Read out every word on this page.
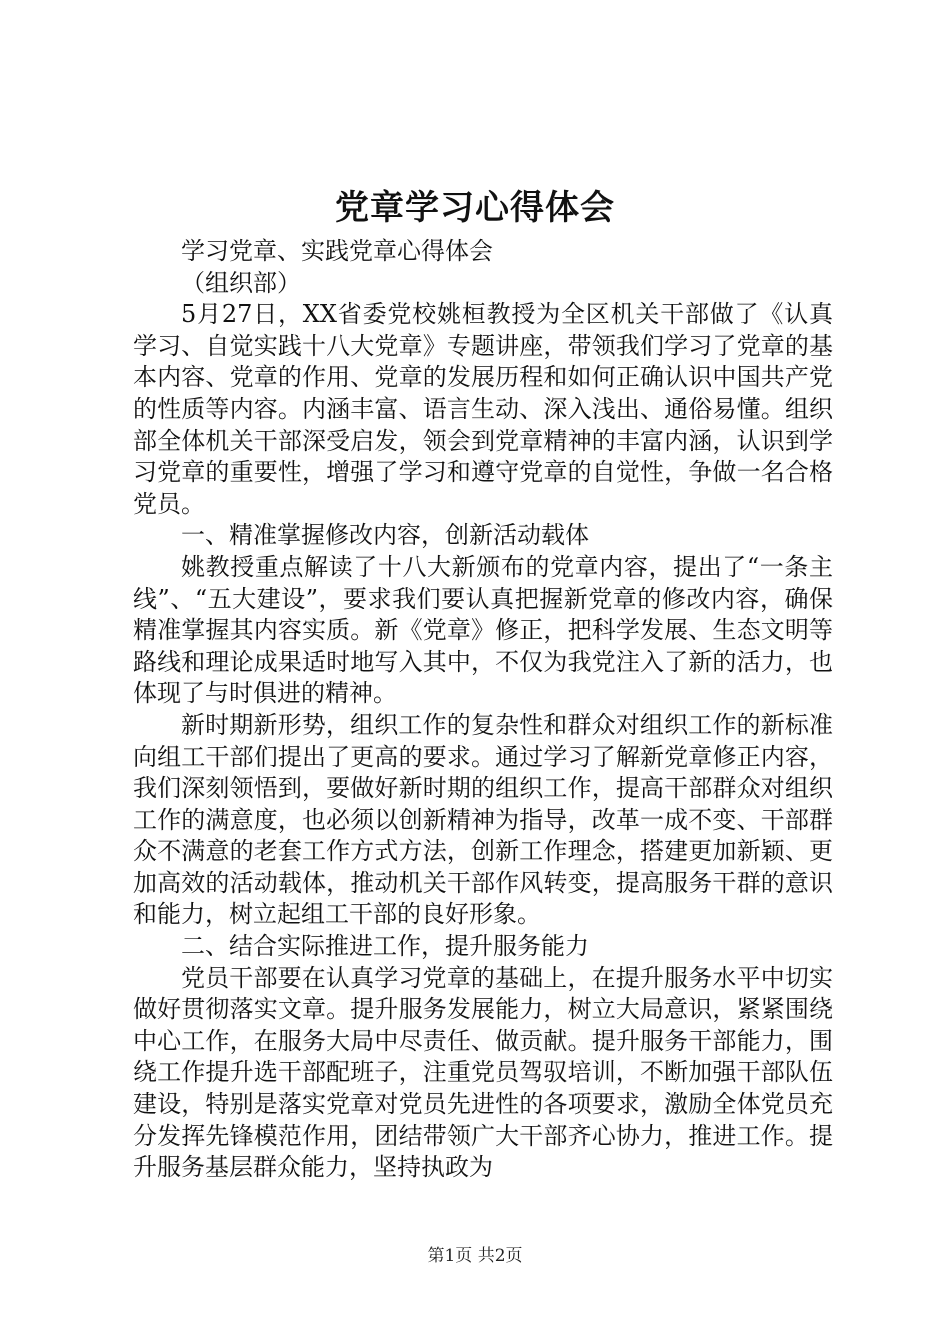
党章学习心得体会

学习党章、实践党章心得体会

（组织部）

5月27日，XX省委党校姚桓教授为全区机关干部做了《认真学习、自觉实践十八大党章》专题讲座，带领我们学习了党章的基本内容、党章的作用、党章的发展历程和如何正确认识中国共产党的性质等内容。内涵丰富、语言生动、深入浅出、通俗易懂。组织部全体机关干部深受启发，领会到党章精神的丰富内涵，认识到学习党章的重要性，增强了学习和遵守党章的自觉性，争做一名合格党员。

一、精准掌握修改内容，创新活动载体

姚教授重点解读了十八大新颁布的党章内容，提出了“一条主线”、“五大建设”，要求我们要认真把握新党章的修改内容，确保精准掌握其内容实质。新《党章》修正，把科学发展、生态文明等路线和理论成果适时地写入其中，不仅为我党注入了新的活力，也体现了与时俱进的精神。

新时期新形势，组织工作的复杂性和群众对组织工作的新标准向组工干部们提出了更高的要求。通过学习了解新党章修正内容，我们深刻领悟到，要做好新时期的组织工作，提高干部群众对组织工作的满意度，也必须以创新精神为指导，改革一成不变、干部群众不满意的老套工作方式方法，创新工作理念，搭建更加新颖、更加高效的活动载体，推动机关干部作风转变，提高服务干群的意识和能力，树立起组工干部的良好形象。

二、结合实际推进工作，提升服务能力

党员干部要在认真学习党章的基础上，在提升服务水平中切实做好贯彻落实文章。提升服务发展能力，树立大局意识，紧紧围绕中心工作，在服务大局中尽责任、做贡献。提升服务干部能力，围绕工作提升选干部配班子，注重党员驾驭培训，不断加强干部队伍建设，特别是落实党章对党员先进性的各项要求，激励全体党员充分发挥先锋模范作用，团结带领广大干部齐心协力，推进工作。提升服务基层群众能力，坚持执政为

第1页 共2页
